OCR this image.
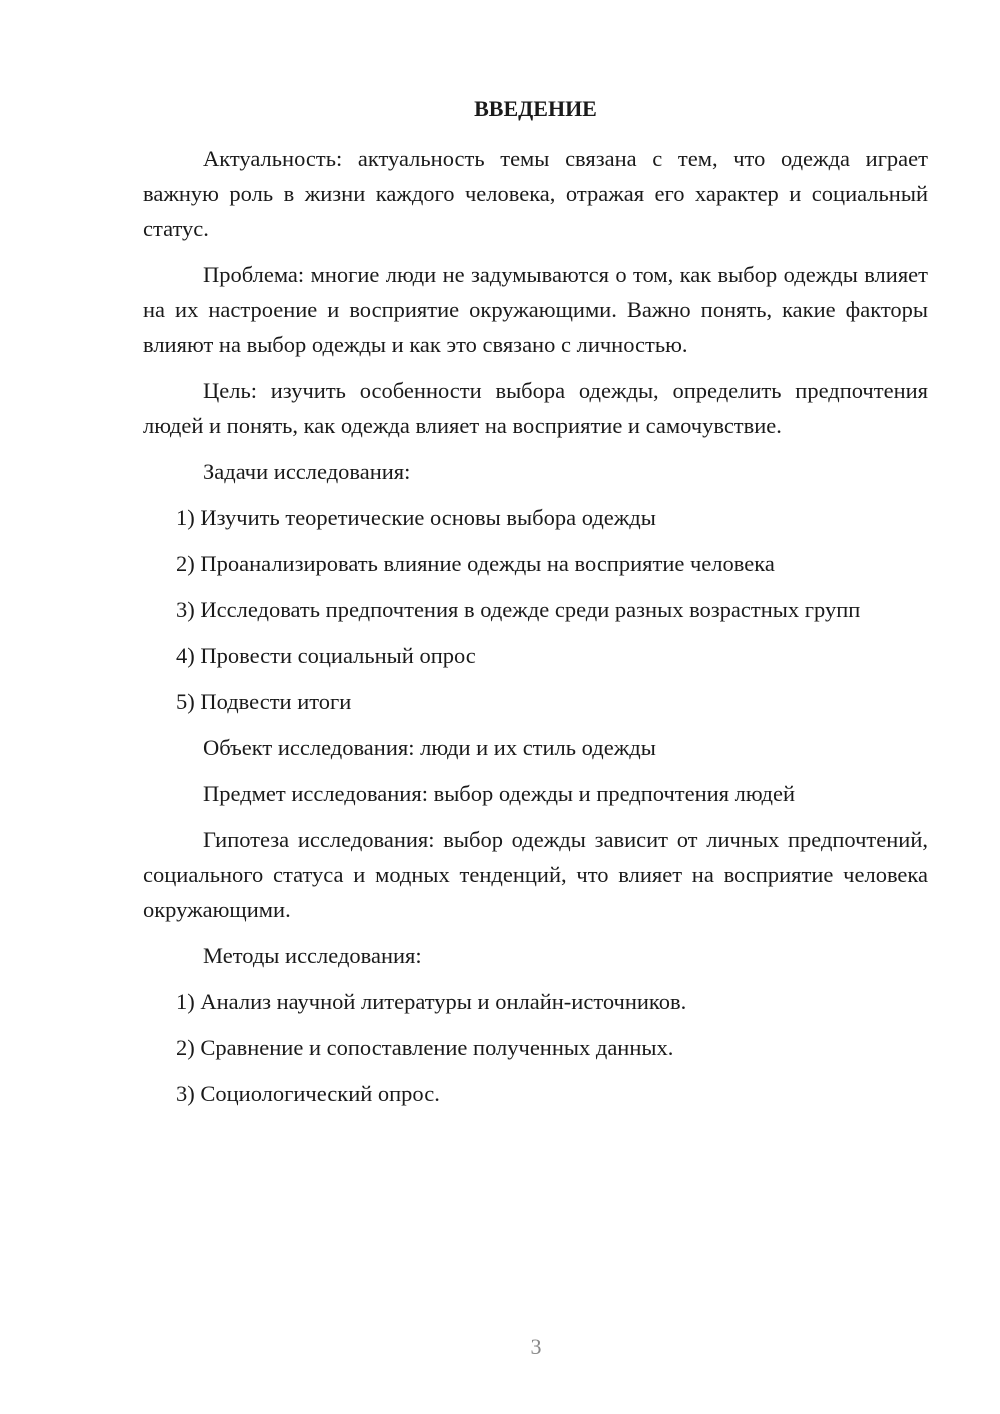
ВВЕДЕНИЕ
Актуальность: актуальность темы связана с тем, что одежда играет важную роль в жизни каждого человека, отражая его характер и социальный статус.
Проблема: многие люди не задумываются о том, как выбор одежды влияет на их настроение и восприятие окружающими. Важно понять, какие факторы влияют на выбор одежды и как это связано с личностью.
Цель: изучить особенности выбора одежды, определить предпочтения людей и понять, как одежда влияет на восприятие и самочувствие.
Задачи исследования:
1) Изучить теоретические основы выбора одежды
2) Проанализировать влияние одежды на восприятие человека
3) Исследовать предпочтения в одежде среди разных возрастных групп
4) Провести социальный опрос
5) Подвести итоги
Объект исследования: люди и их стиль одежды
Предмет исследования: выбор одежды и предпочтения людей
Гипотеза исследования: выбор одежды зависит от личных предпочтений, социального статуса и модных тенденций, что влияет на восприятие человека окружающими.
Методы исследования:
1) Анализ научной литературы и онлайн-источников.
2) Сравнение и сопоставление полученных данных.
3) Социологический опрос.
3
